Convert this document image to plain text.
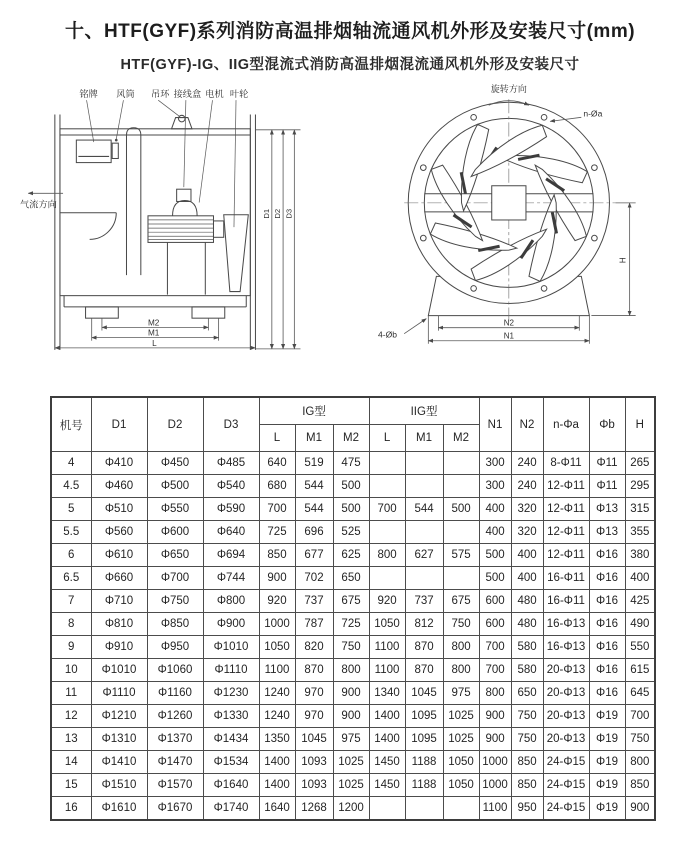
十、HTF(GYF)系列消防高温排烟轴流通风机外形及安装尺寸(mm)
HTF(GYF)-IG、IIG型混流式消防高温排烟混流通风机外形及安装尺寸
铭牌 风筒 吊环 接线盒 电机 叶轮
M2
M1
L
D1 D2 D3
气流方向
旋转方向
n-Øa
H
N2
N1
4-Øb
机号	D1	D2	D3	IG型			IIG型			N1	N2	n-Φa	Φb	H
				L	M1	M2	L	M1	M2					
4	Φ410	Φ450	Φ485	640	519	475				300	240	8-Φ11	Φ11	265
4.5	Φ460	Φ500	Φ540	680	544	500				300	240	12-Φ11	Φ11	295
5	Φ510	Φ550	Φ590	700	544	500	700	544	500	400	320	12-Φ11	Φ13	315
5.5	Φ560	Φ600	Φ640	725	696	525				400	320	12-Φ11	Φ13	355
6	Φ610	Φ650	Φ694	850	677	625	800	627	575	500	400	12-Φ11	Φ16	380
6.5	Φ660	Φ700	Φ744	900	702	650				500	400	16-Φ11	Φ16	400
7	Φ710	Φ750	Φ800	920	737	675	920	737	675	600	480	16-Φ11	Φ16	425
8	Φ810	Φ850	Φ900	1000	787	725	1050	812	750	600	480	16-Φ13	Φ16	490
9	Φ910	Φ950	Φ1010	1050	820	750	1100	870	800	700	580	16-Φ13	Φ16	550
10	Φ1010	Φ1060	Φ1110	1100	870	800	1100	870	800	700	580	20-Φ13	Φ16	615
11	Φ1110	Φ1160	Φ1230	1240	970	900	1340	1045	975	800	650	20-Φ13	Φ16	645
12	Φ1210	Φ1260	Φ1330	1240	970	900	1400	1095	1025	900	750	20-Φ13	Φ19	700
13	Φ1310	Φ1370	Φ1434	1350	1045	975	1400	1095	1025	900	750	20-Φ13	Φ19	750
14	Φ1410	Φ1470	Φ1534	1400	1093	1025	1450	1188	1050	1000	850	24-Φ15	Φ19	800
15	Φ1510	Φ1570	Φ1640	1400	1093	1025	1450	1188	1050	1000	850	24-Φ15	Φ19	850
16	Φ1610	Φ1670	Φ1740	1640	1268	1200				1100	950	24-Φ15	Φ19	900
